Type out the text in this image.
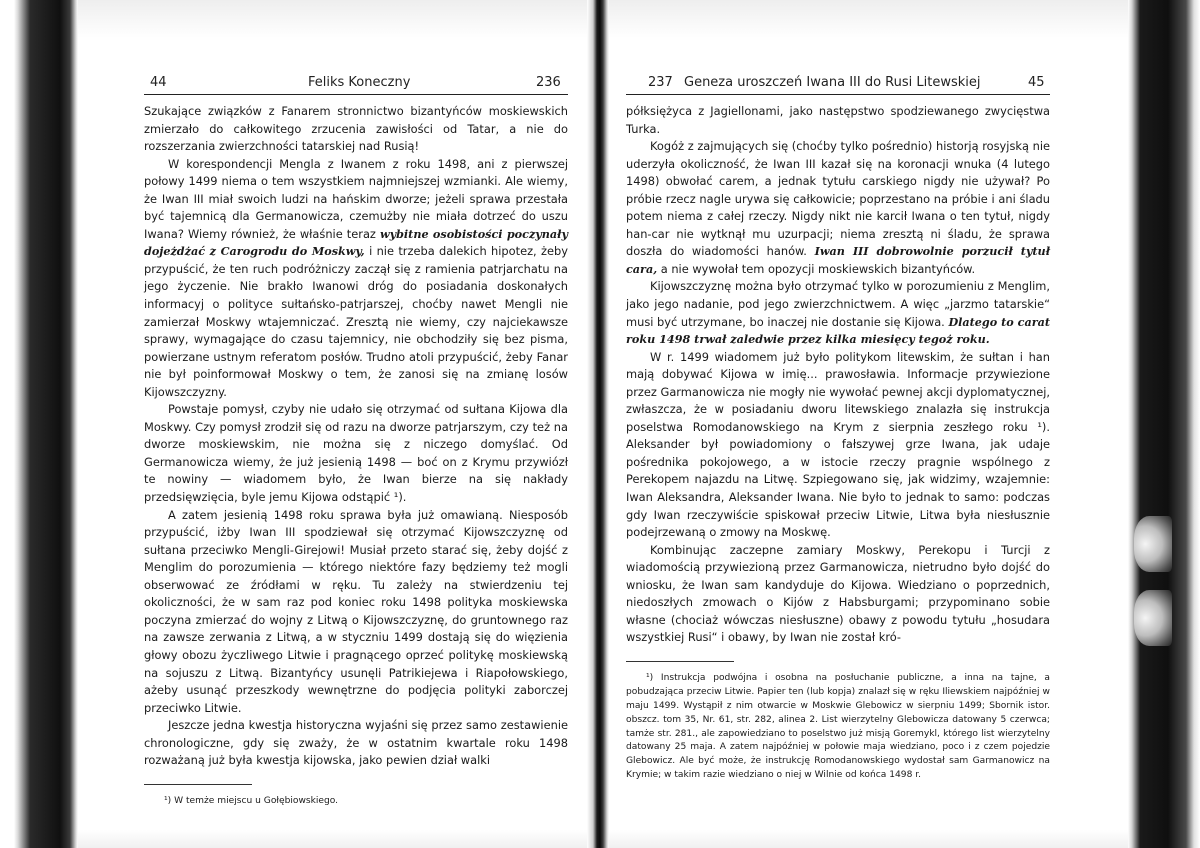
44	Feliks Koneczny	236

Szukające związków z Fanarem stronnictwo bizantyńców moskiewskich zmierzało do całkowitego zrzucenia zawisłości od Tatar, a nie do rozszerzania zwierzchności tatarskiej nad Rusią!

W korespondencji Mengla z Iwanem z roku 1498, ani z pierwszej połowy 1499 niema o tem wszystkiem najmniejszej wzmianki. Ale wiemy, że Iwan III miał swoich ludzi na hańskim dworze; jeżeli sprawa przestała być tajemnicą dla Germanowicza, czemużby nie miała dotrzeć do uszu Iwana? Wiemy również, że właśnie teraz wybitne osobistości poczynały dojeżdżać z Carogrodu do Moskwy, i nie trzeba dalekich hipotez, żeby przypuścić, że ten ruch podróżniczy zaczął się z ramienia patrjarchatu na jego życzenie. Nie brakło Iwanowi dróg do posiadania doskonałych informacyj o polityce sułtańsko-patrjarszej, choćby nawet Mengli nie zamierzał Moskwy wtajemniczać. Zresztą nie wiemy, czy najciekawsze sprawy, wymagające do czasu tajemnicy, nie obchodziły się bez pisma, powierzane ustnym referatom posłów. Trudno atoli przypuścić, żeby Fanar nie był poinformował Moskwy o tem, że zanosi się na zmianę losów Kijowszczyzny.

Powstaje pomysł, czyby nie udało się otrzymać od sułtana Kijowa dla Moskwy. Czy pomysł zrodził się od razu na dworze patrjarszym, czy też na dworze moskiewskim, nie można się z niczego domyślać. Od Germanowicza wiemy, że już jesienią 1498 — boć on z Krymu przywiózł te nowiny — wiadomem było, że Iwan bierze na się nakłady przedsięwzięcia, byle jemu Kijowa odstąpić ¹).

A zatem jesienią 1498 roku sprawa była już omawianą. Niesposób przypuścić, iżby Iwan III spodziewał się otrzymać Kijowszczyznę od sułtana przeciwko Mengli-Girejowi! Musiał przeto starać się, żeby dojść z Menglim do porozumienia — którego niektóre fazy będziemy też mogli obserwować ze źródłami w ręku. Tu zależy na stwierdzeniu tej okoliczności, że w sam raz pod koniec roku 1498 polityka moskiewska poczyna zmierzać do wojny z Litwą o Kijowszczyznę, do gruntownego raz na zawsze zerwania z Litwą, a w styczniu 1499 dostają się do więzienia głowy obozu życzliwego Litwie i pragnącego oprzeć politykę moskiewską na sojuszu z Litwą. Bizantyńcy usunęli Patrikiejewa i Riapołowskiego, ażeby usunąć przeszkody wewnętrzne do podjęcia polityki zaborczej przeciwko Litwie.

Jeszcze jedna kwestja historyczna wyjaśni się przez samo zestawienie chronologiczne, gdy się zważy, że w ostatnim kwartale roku 1498 rozważaną już była kwestja kijowska, jako pewien dział walki

¹) W temże miejscu u Gołębiowskiego.

237 Geneza uroszczeń Iwana III do Rusi Litewskiej	45

półksiężyca z Jagiellonami, jako następstwo spodziewanego zwycięstwa Turka.

Kogóż z zajmujących się (choćby tylko pośrednio) historją rosyjską nie uderzyła okoliczność, że Iwan III kazał się na koronacji wnuka (4 lutego 1498) obwołać carem, a jednak tytułu carskiego nigdy nie używał? Po próbie rzecz nagle urywa się całkowicie; poprzestano na próbie i ani śladu potem niema z całej rzeczy. Nigdy nikt nie karcił Iwana o ten tytuł, nigdy han-car nie wytknął mu uzurpacji; niema zresztą ni śladu, że sprawa doszła do wiadomości hanów. Iwan III dobrowolnie porzucił tytuł cara, a nie wywołał tem opozycji moskiewskich bizantyńców.

Kijowszczyznę można było otrzymać tylko w porozumieniu z Menglim, jako jego nadanie, pod jego zwierzchnictwem. A więc „jarzmo tatarskie“ musi być utrzymane, bo inaczej nie dostanie się Kijowa. Dlatego to carat roku 1498 trwał zaledwie przez kilka miesięcy tegoż roku.

W r. 1499 wiadomem już było politykom litewskim, że sułtan i han mają dobywać Kijowa w imię... prawosławia. Informacje przywiezione przez Garmanowicza nie mogły nie wywołać pewnej akcji dyplomatycznej, zwłaszcza, że w posiadaniu dworu litewskiego znalazła się instrukcja poselstwa Romodanowskiego na Krym z sierpnia zeszłego roku ¹). Aleksander był powiadomiony o fałszywej grze Iwana, jak udaje pośrednika pokojowego, a w istocie rzeczy pragnie wspólnego z Perekopem najazdu na Litwę. Szpiegowano się, jak widzimy, wzajemnie: Iwan Aleksandra, Aleksander Iwana. Nie było to jednak to samo: podczas gdy Iwan rzeczywiście spiskował przeciw Litwie, Litwa była niesłusznie podejrzewaną o zmowy na Moskwę.

Kombinując zaczepne zamiary Moskwy, Perekopu i Turcji z wiadomością przywiezioną przez Garmanowicza, nietrudno było dojść do wniosku, że Iwan sam kandyduje do Kijowa. Wiedziano o poprzednich, niedoszłych zmowach o Kijów z Habsburgami; przypominano sobie własne (chociaż wówczas niesłuszne) obawy z powodu tytułu „hosudara wszystkiej Rusi“ i obawy, by Iwan nie został kró-

¹) Instrukcja podwójna i osobna na posłuchanie publiczne, a inna na tajne, a pobudzająca przeciw Litwie. Papier ten (lub kopja) znalazł się w ręku Iliewskiem najpóźniej w maju 1499. Wystąpił z nim otwarcie w Moskwie Glebowicz w sierpniu 1499; Sbornik istor. obszcz. tom 35, Nr. 61, str. 282, alinea 2. List wierzytelny Glebowicza datowany 5 czerwca; tamże str. 281., ale zapowiedziano to poselstwo już misją Goremykl, którego list wierzytelny datowany 25 maja. A zatem najpóźniej w połowie maja wiedziano, poco i z czem pojedzie Glebowicz. Ale być może, że instrukcję Romodanowskiego wydostał sam Garmanowicz na Krymie; w takim razie wiedziano o niej w Wilnie od końca 1498 r.
